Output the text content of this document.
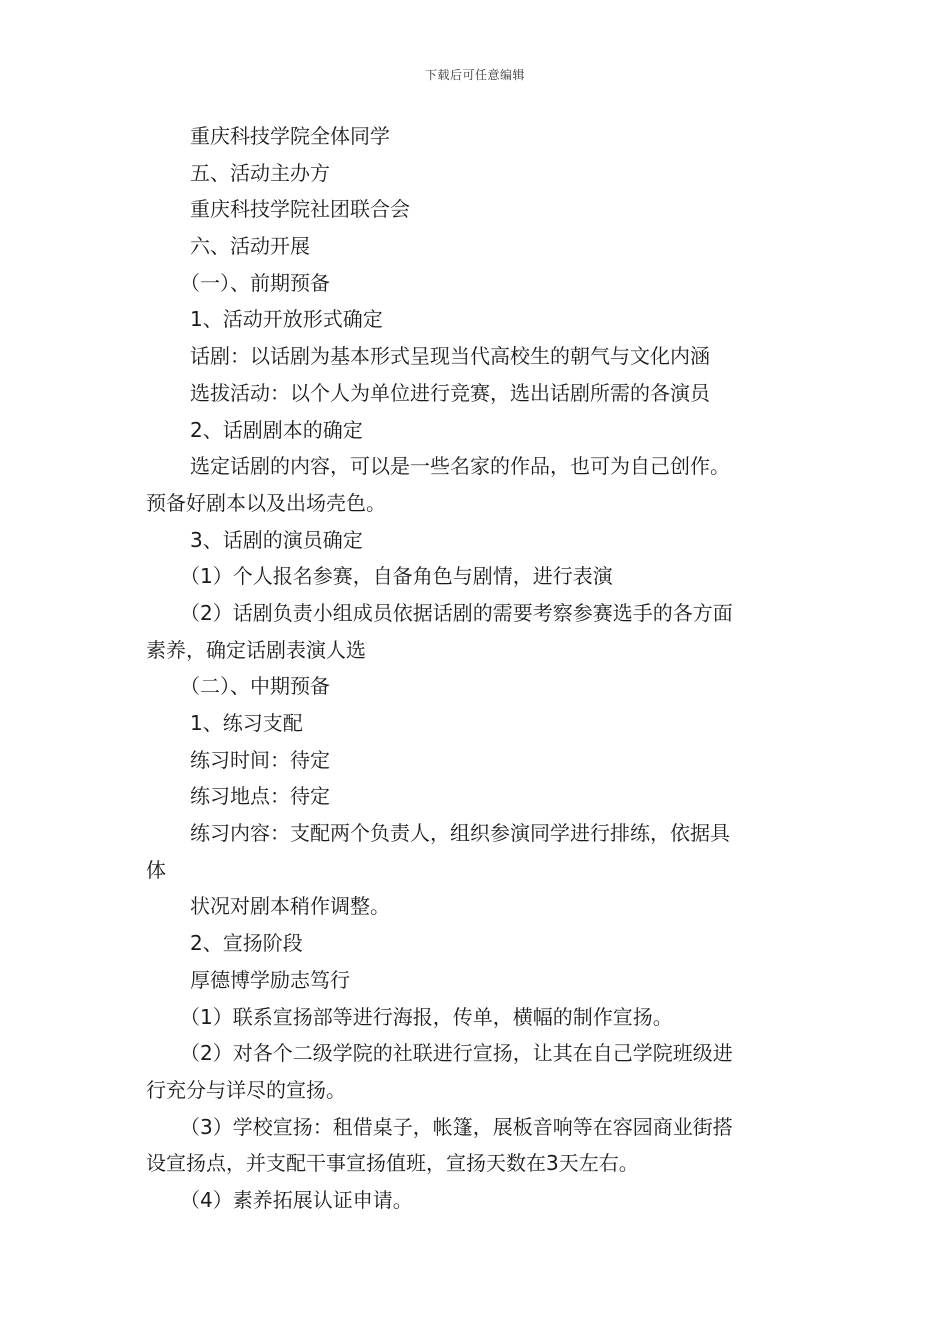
下载后可任意编辑

重庆科技学院全体同学

五、活动主办方

重庆科技学院社团联合会

六、活动开展

（一）、前期预备

1、活动开放形式确定

话剧：以话剧为基本形式呈现当代高校生的朝气与文化内涵

选拔活动：以个人为单位进行竞赛，选出话剧所需的各演员

2、话剧剧本的确定

选定话剧的内容，可以是一些名家的作品，也可为自己创作。

预备好剧本以及出场壳色。

3、话剧的演员确定

（1）个人报名参赛，自备角色与剧情，进行表演

（2）话剧负责小组成员依据话剧的需要考察参赛选手的各方面

素养，确定话剧表演人选

（二）、中期预备

1、练习支配

练习时间：待定

练习地点：待定

练习内容：支配两个负责人，组织参演同学进行排练，依据具

体

状况对剧本稍作调整。

2、宣扬阶段

厚德博学励志笃行

（1）联系宣扬部等进行海报，传单，横幅的制作宣扬。

（2）对各个二级学院的社联进行宣扬，让其在自己学院班级进

行充分与详尽的宣扬。

（3）学校宣扬：租借桌子，帐篷，展板音响等在容园商业街搭

设宣扬点，并支配干事宣扬值班，宣扬天数在3天左右。

（4）素养拓展认证申请。
